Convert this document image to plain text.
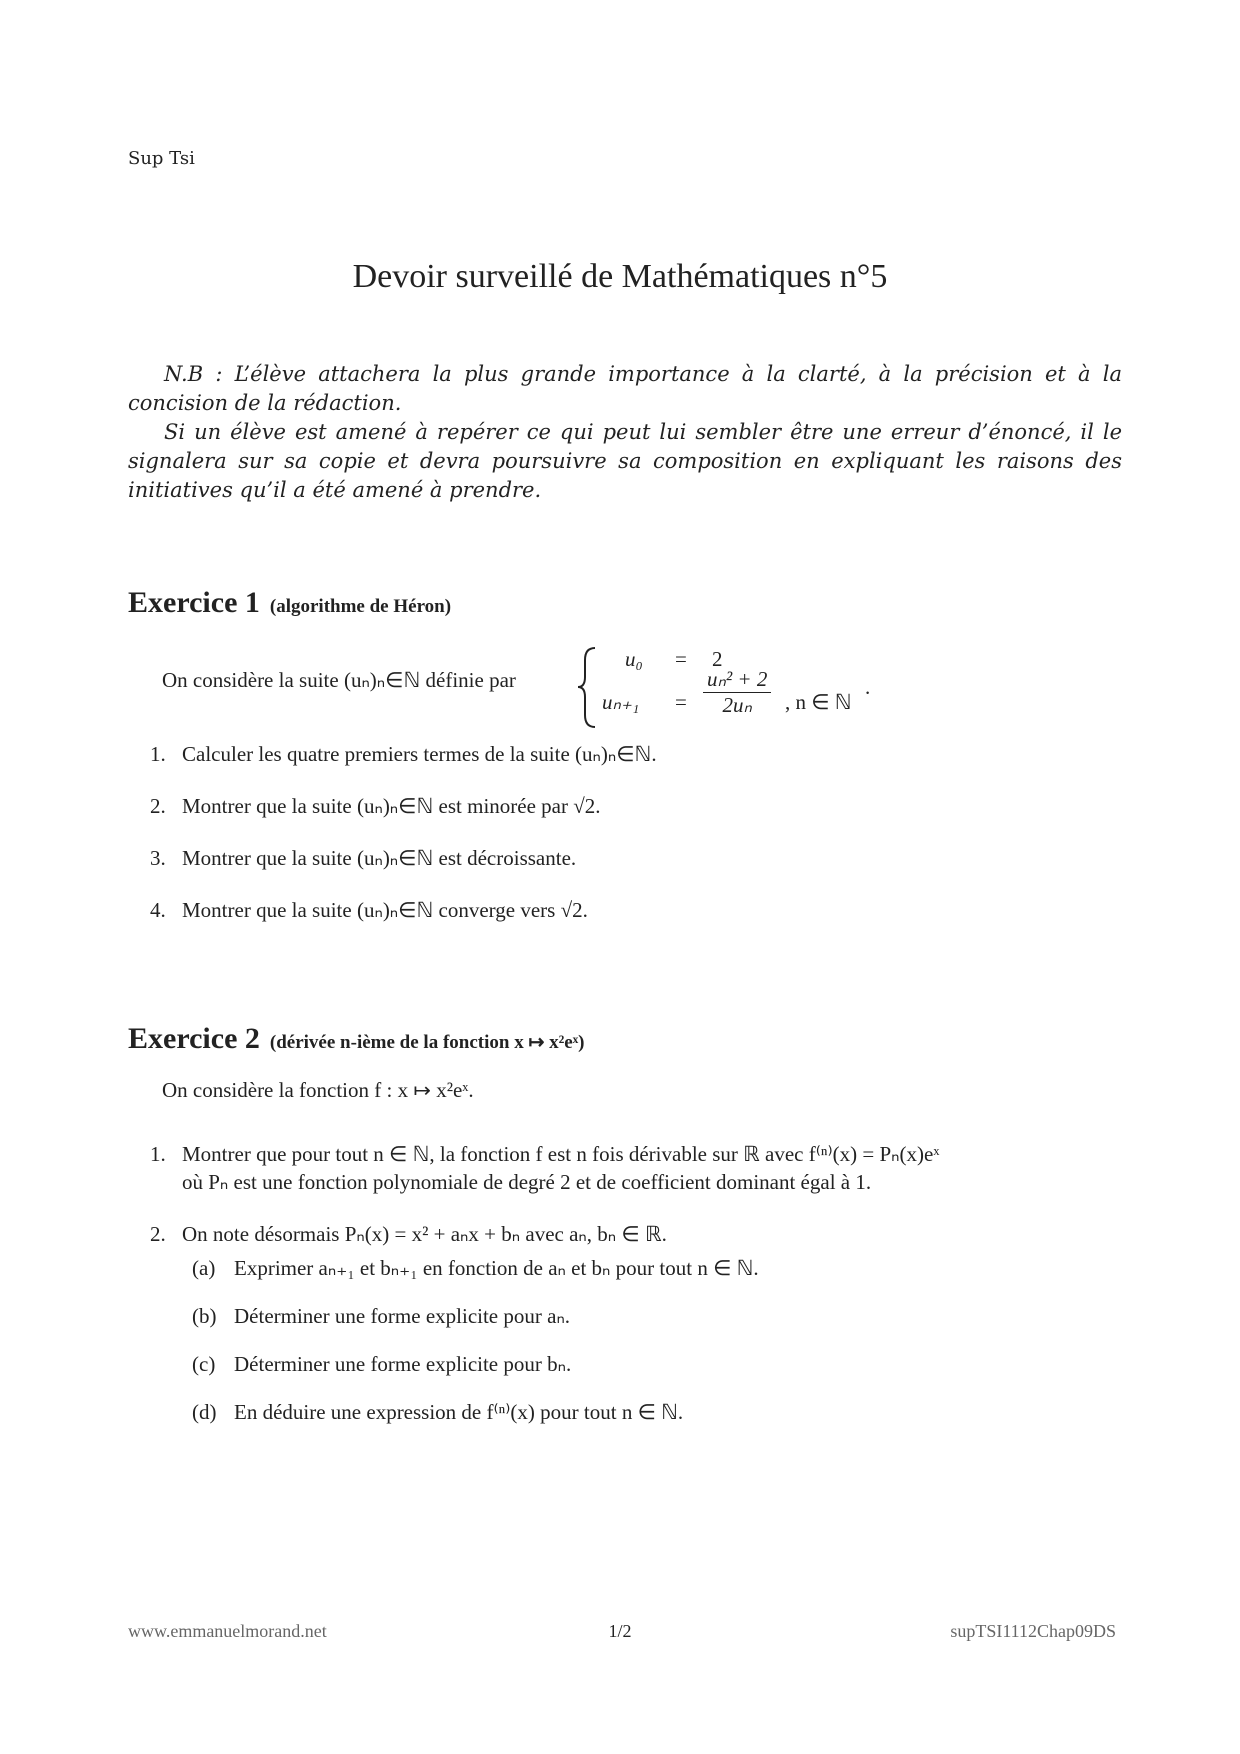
Sup Tsi
Devoir surveillé de Mathématiques n°5

N.B : L’élève attachera la plus grande importance à la clarté, à la précision et à la concision de la rédaction.

Si un élève est amené à repérer ce qui peut lui sembler être une erreur d’énoncé, il le signalera sur sa copie et devra poursuivre sa composition en expliquant les raisons des initiatives qu’il a été amené à prendre.

Exercice 1 (algorithme de Héron)
On considère la suite (uₙ)ₙ∈ℕ définie par
u₀ = 2
$u_{n+1} = \frac{\text{uₙ² + 2}}{\text{2uₙ}}$ , n ∈ ℕ
.
1. Calculer les quatre premiers termes de la suite (uₙ)ₙ∈ℕ.
2. Montrer que la suite (uₙ)ₙ∈ℕ est minorée par √2.
3. Montrer que la suite (uₙ)ₙ∈ℕ est décroissante.
4. Montrer que la suite (uₙ)ₙ∈ℕ converge vers √2.
Exercice 2 (dérivée n-ième de la fonction x ↦ x²eˣ)
On considère la fonction f : x ↦ x²eˣ.
1. Montrer que pour tout n ∈ ℕ, la fonction f est n fois dérivable sur ℝ avec f⁽ⁿ⁾(x) = Pₙ(x)eˣ
où Pₙ est une fonction polynomiale de degré 2 et de coefficient dominant égal à 1.
2. On note désormais Pₙ(x) = x² + aₙx + bₙ avec aₙ, bₙ ∈ ℝ.
(a) Exprimer aₙ₊₁ et bₙ₊₁ en fonction de aₙ et bₙ pour tout n ∈ ℕ.
(b) Déterminer une forme explicite pour aₙ.
(c) Déterminer une forme explicite pour bₙ.
(d) En déduire une expression de f⁽ⁿ⁾(x) pour tout n ∈ ℕ.
www.emmanuelmorand.net	1/2	supTSI1112Chap09DS
